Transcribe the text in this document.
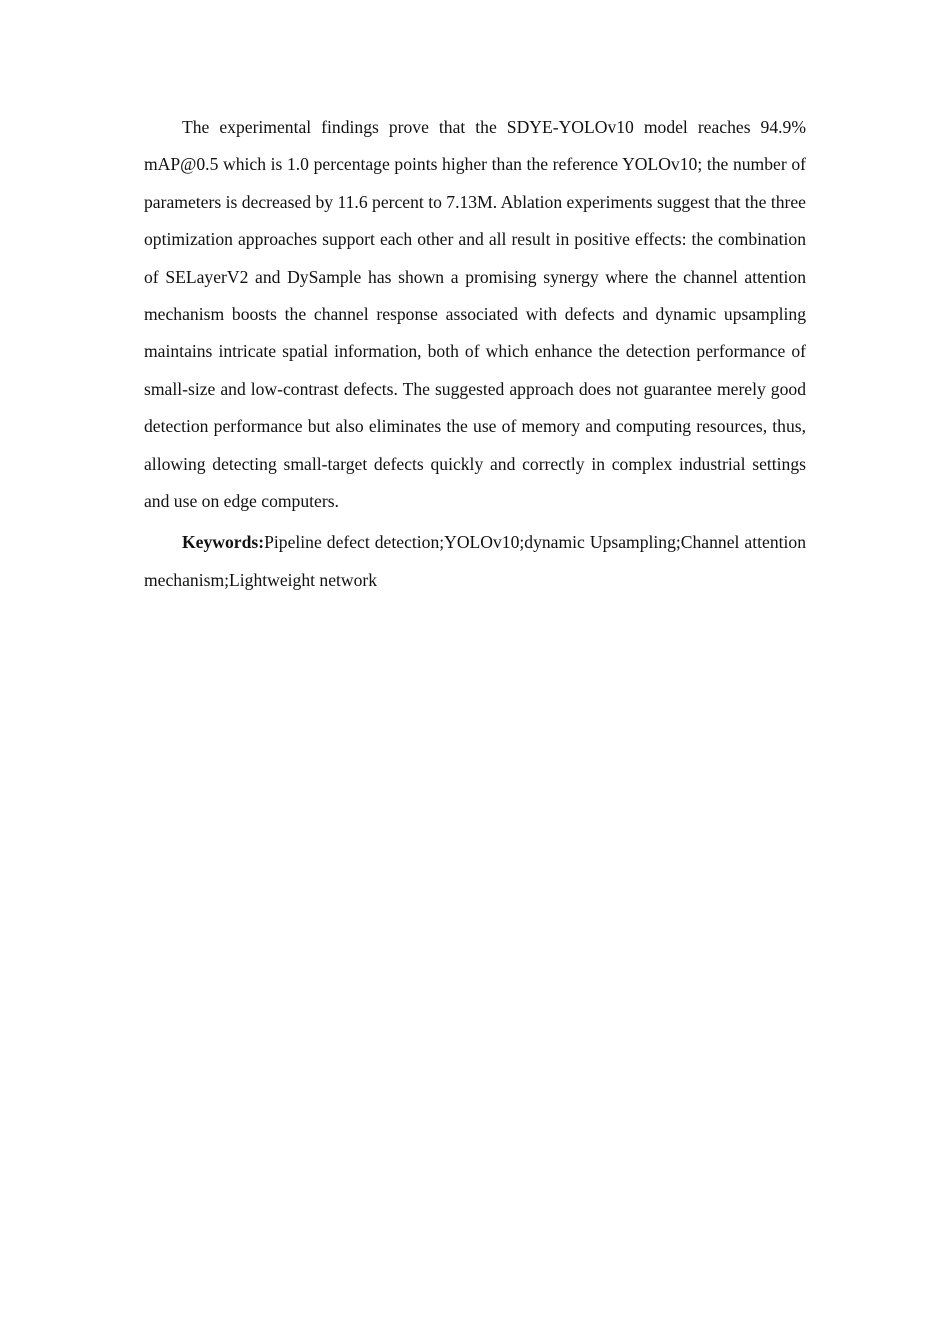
The experimental findings prove that the SDYE-YOLOv10 model reaches 94.9% mAP@0.5 which is 1.0 percentage points higher than the reference YOLOv10; the number of parameters is decreased by 11.6 percent to 7.13M. Ablation experiments suggest that the three optimization approaches support each other and all result in positive effects: the combination of SELayerV2 and DySample has shown a promising synergy where the channel attention mechanism boosts the channel response associated with defects and dynamic upsampling maintains intricate spatial information, both of which enhance the detection performance of small-size and low-contrast defects. The suggested approach does not guarantee merely good detection performance but also eliminates the use of memory and computing resources, thus, allowing detecting small-target defects quickly and correctly in complex industrial settings and use on edge computers.

Keywords:Pipeline defect detection;YOLOv10;dynamic Upsampling;Channel attention mechanism;Lightweight network
